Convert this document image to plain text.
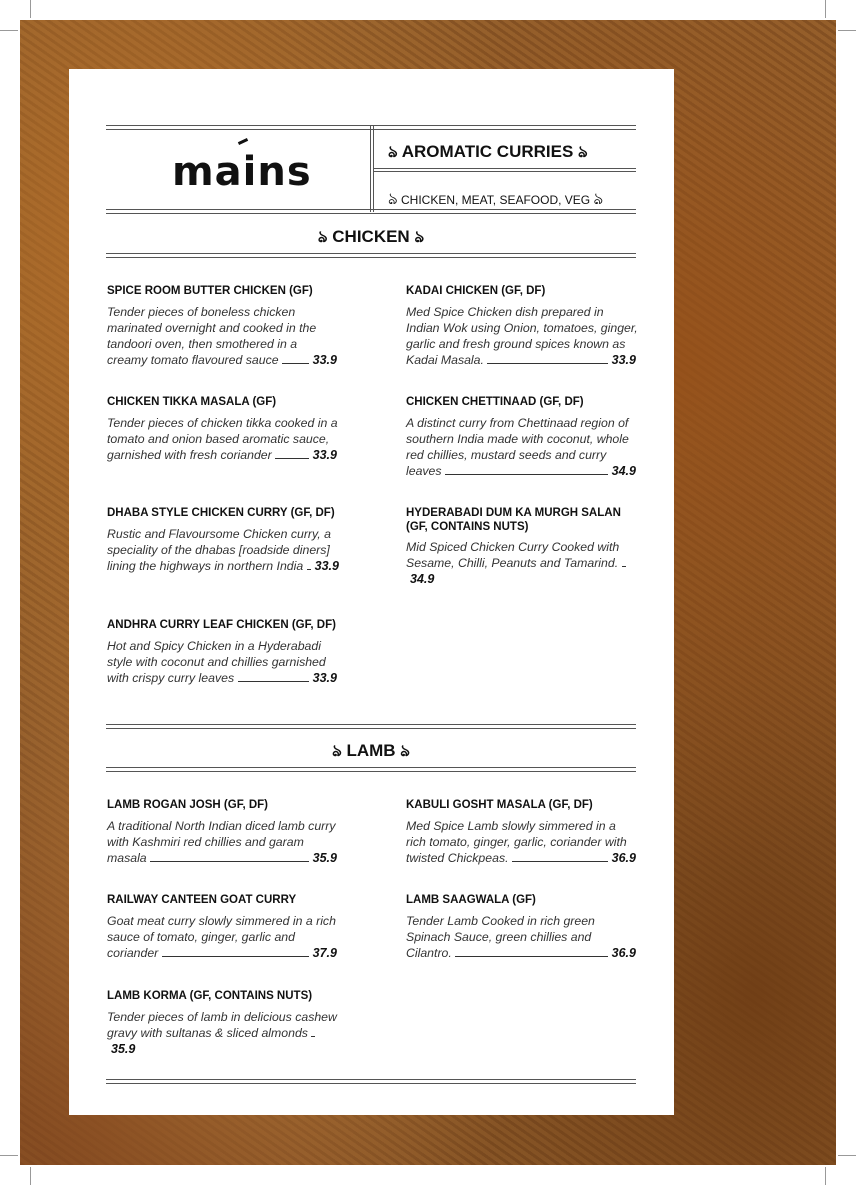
mains	ঌ AROMATIC CURRIES ঌ
ঌ CHICKEN, MEAT, SEAFOOD, VEG ঌ
ঌ CHICKEN ঌ
ঌ LAMB ঌ
SPICE ROOM BUTTER CHICKEN (GF)
Tender pieces of boneless chicken marinated overnight and cooked in the tandoori oven, then smothered in a creamy tomato flavoured sauce	33.9
CHICKEN TIKKA MASALA (GF)
Tender pieces of chicken tikka cooked in a tomato and onion based aromatic sauce, garnished with fresh coriander	33.9
DHABA STYLE CHICKEN CURRY (GF, DF)
Rustic and Flavoursome Chicken curry, a speciality of the dhabas [roadside diners] lining the highways in northern India 33.9
ANDHRA CURRY LEAF CHICKEN (GF, DF)
Hot and Spicy Chicken in a Hyderabadi style with coconut and chillies garnished with crispy curry leaves	33.9
KADAI CHICKEN (GF, DF)
Med Spice Chicken dish prepared in Indian Wok using Onion, tomatoes, ginger, garlic and fresh ground spices known as Kadai Masala.	33.9
CHICKEN CHETTINAAD (GF, DF)
A distinct curry from Chettinaad region of southern India made with coconut, whole red chillies, mustard seeds and curry leaves	34.9
HYDERABADI DUM KA MURGH SALAN (GF, CONTAINS NUTS)
Mid Spiced Chicken Curry Cooked with Sesame, Chilli, Peanuts and Tamarind. 34.9
LAMB ROGAN JOSH (GF, DF)
A traditional North Indian diced lamb curry with Kashmiri red chillies and garam masala	35.9
RAILWAY CANTEEN GOAT CURRY
Goat meat curry slowly simmered in a rich sauce of tomato, ginger, garlic and coriander	37.9
LAMB KORMA (GF, CONTAINS NUTS)
Tender pieces of lamb in delicious cashew gravy with sultanas & sliced almonds 35.9
KABULI GOSHT MASALA (GF, DF)
Med Spice Lamb slowly simmered in a rich tomato, ginger, garlic, coriander with twisted Chickpeas.	36.9
LAMB SAAGWALA (GF)
Tender Lamb Cooked in rich green Spinach Sauce, green chillies and Cilantro.	36.9
